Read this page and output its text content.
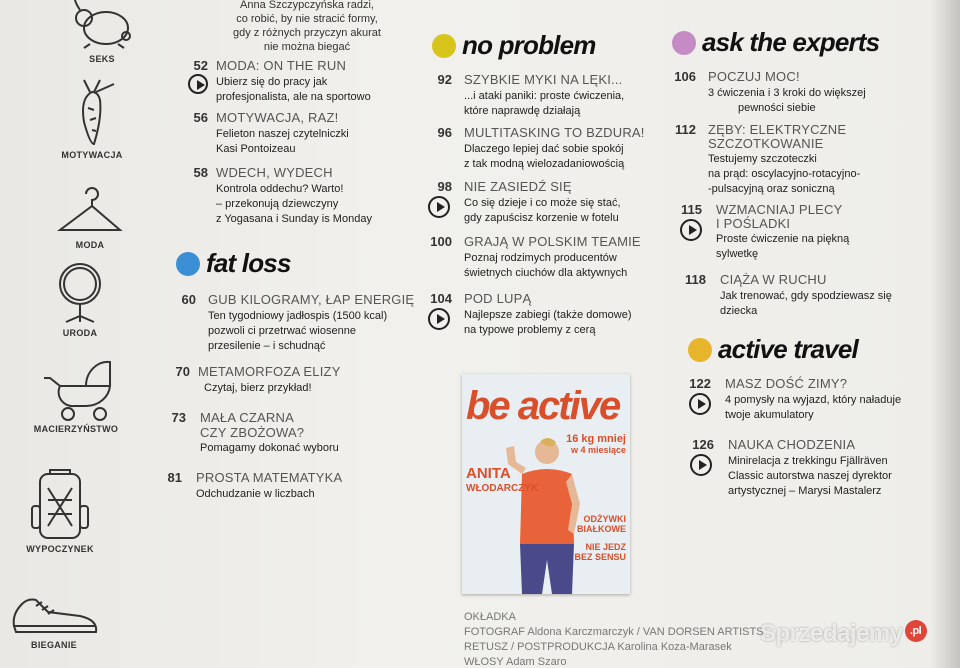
SEKS
MOTYWACJA
MODA
URODA
MACIERZYŃSTWO
WYPOCZYNEK
BIEGANIE
Anna Szczypczyńska radzi,
co robić, by nie stracić formy,
gdy z różnych przyczyn akurat
nie można biegać
52 MODA: ON THE RUN
Ubierz się do pracy jak
profesjonalista, ale na sportowo
56 MOTYWACJA, RAZ!
Felieton naszej czytelniczki
Kasi Pontoizeau
58 WDECH, WYDECH
Kontrola oddechu? Warto!
– przekonują dziewczyny
z Yogasana i Sunday is Monday
fat loss
60 GUB KILOGRAMY, ŁAP ENERGIĘ
Ten tygodniowy jadłospis (1500 kcal)
pozwoli ci przetrwać wiosenne
przesilenie – i schudnąć
70 METAMORFOZA ELIZY
Czytaj, bierz przykład!
73 MAŁA CZARNA
CZY ZBOŻOWA?
Pomagamy dokonać wyboru
81 PROSTA MATEMATYKA
Odchudzanie w liczbach
no problem
92 SZYBKIE MYKI NA LĘKI...
...i ataki paniki: proste ćwiczenia,
które naprawdę działają
96 MULTITASKING TO BZDURA!
Dlaczego lepiej dać sobie spokój
z tak modną wielozadaniowością
98 NIE ZASIEDŹ SIĘ
Co się dzieje i co może się stać,
gdy zapuścisz korzenie w fotelu
100 GRAJĄ W POLSKIM TEAMIE
Poznaj rodzimych producentów
świetnych ciuchów dla aktywnych
104 POD LUPĄ
Najlepsze zabiegi (także domowe)
na typowe problemy z cerą
be active
ANITA
WŁODARCZYK
16 kg mniej
w 4 miesiące
ODŻYWKI
BIAŁKOWE
NIE JEDZ
BEZ SENSU
OKŁADKA
FOTOGRAF Aldona Karczmarczyk / VAN DORSEN ARTISTS
RETUSZ / POSTPRODUKCJA Karolina Koza-Marasek
WŁOSY Adam Szaro
ask the experts
106 POCZUJ MOC!
3 ćwiczenia i 3 kroki do większej
pewności siebie
112 ZĘBY: ELEKTRYCZNE
SZCZOTKOWANIE
Testujemy szczoteczki
na prąd: oscylacyjno-rotacyjno-
-pulsacyjną oraz soniczną
115 WZMACNIAJ PLECY
I POŚLADKI
Proste ćwiczenie na piękną
sylwetkę
118 CIĄŻA W RUCHU
Jak trenować, gdy spodziewasz się
dziecka
active travel
122 MASZ DOŚĆ ZIMY?
4 pomysły na wyjazd, który naładuje
twoje akumulatory
126 NAUKA CHODZENIA
Minirelacja z trekkingu Fjällräven
Classic autorstwa naszej dyrektor
artystycznej – Marysi Mastalerz
Sprzedajemy .pl
